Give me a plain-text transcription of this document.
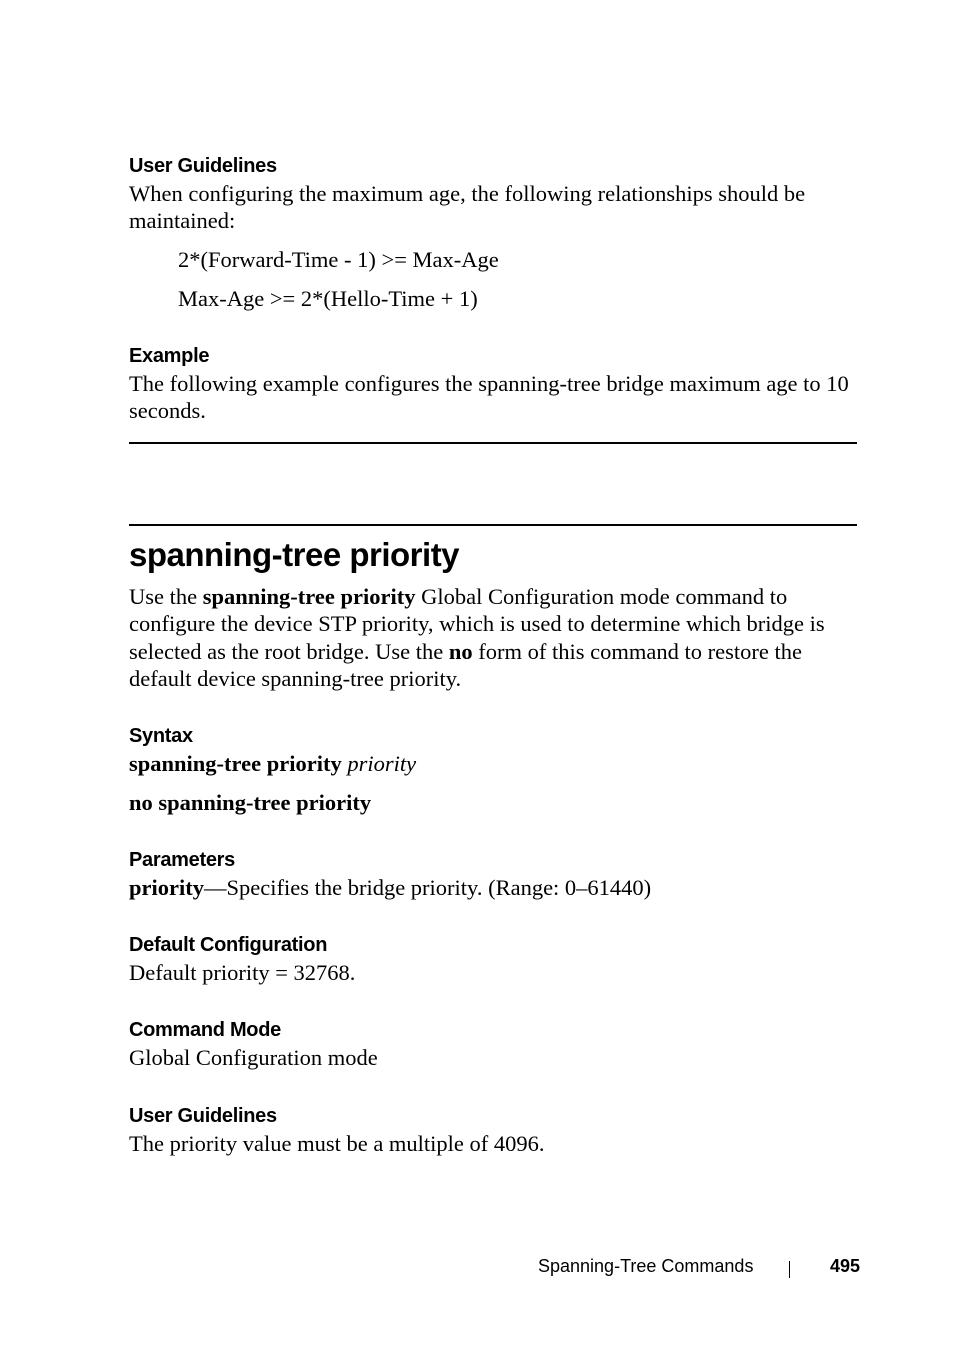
User Guidelines
When configuring the maximum age, the following relationships should be maintained:
2*(Forward-Time - 1) >= Max-Age
Max-Age >= 2*(Hello-Time + 1)
Example
The following example configures the spanning-tree bridge maximum age to 10 seconds.
spanning-tree priority
Use the spanning-tree priority Global Configuration mode command to configure the device STP priority, which is used to determine which bridge is selected as the root bridge. Use the no form of this command to restore the default device spanning-tree priority.
Syntax
spanning-tree priority priority
no spanning-tree priority
Parameters
priority—Specifies the bridge priority. (Range: 0–61440)
Default Configuration
Default priority = 32768.
Command Mode
Global Configuration mode
User Guidelines
The priority value must be a multiple of 4096.
Spanning-Tree Commands	495
